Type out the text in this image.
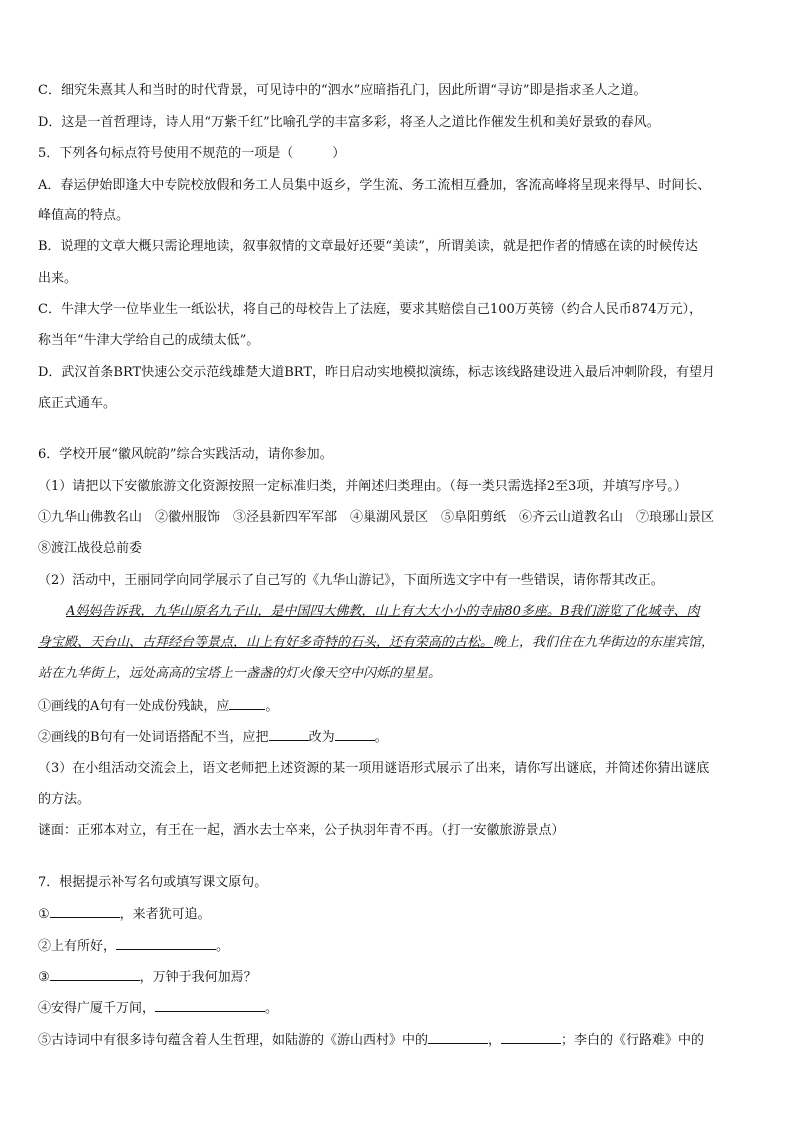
C．细究朱熹其人和当时的时代背景，可见诗中的“泗水”应暗指孔门，因此所谓“寻访”即是指求圣人之道。
D．这是一首哲理诗，诗人用“万紫千红”比喻孔学的丰富多彩，将圣人之道比作催发生机和美好景致的春风。
5．下列各句标点符号使用不规范的一项是（　　　）
A．春运伊始即逢大中专院校放假和务工人员集中返乡，学生流、务工流相互叠加，客流高峰将呈现来得早、时间长、
峰值高的特点。
B．说理的文章大概只需论理地读，叙事叙情的文章最好还要“美读”，所谓美读，就是把作者的情感在读的时候传达
出来。
C．牛津大学一位毕业生一纸讼状，将自己的母校告上了法庭，要求其赔偿自己100万英镑（约合人民币874万元），
称当年“牛津大学给自己的成绩太低”。
D．武汉首条BRT快速公交示范线雄楚大道BRT，昨日启动实地模拟演练，标志该线路建设进入最后冲刺阶段，有望月
底正式通车。
6．学校开展“徽风皖韵”综合实践活动，请你参加。
（1）请把以下安徽旅游文化资源按照一定标准归类，并阐述归类理由。（每一类只需选择2至3项，并填写序号。）
①九华山佛教名山　②徽州服饰　③泾县新四军军部　④巢湖风景区　⑤阜阳剪纸　⑥齐云山道教名山　⑦琅琊山景区
⑧渡江战役总前委
（2）活动中，王丽同学向同学展示了自己写的《九华山游记》，下面所选文字中有一些错误，请你帮其改正。
A妈妈告诉我，九华山原名九子山，是中国四大佛教，山上有大大小小的寺庙80多座。B我们游览了化城寺、肉
身宝殿、天台山、古拜经台等景点，山上有好多奇特的石头，还有荣高的古松。晚上，我们住在九华街边的东崖宾馆，
站在九华街上，远处高高的宝塔上一盏盏的灯火像天空中闪烁的星星。
①画线的A句有一处成份残缺，应	。
②画线的B句有一处词语搭配不当，应把	改为	。
（3）在小组活动交流会上，语文老师把上述资源的某一项用谜语形式展示了出来，请你写出谜底，并简述你猜出谜底
的方法。
谜面：正邪本对立，有王在一起，酒水去士卒来，公子执羽年青不再。（打一安徽旅游景点）
7．根据提示补写名句或填写课文原句。
①	，来者犹可追。
②上有所好，	。
③	，万钟于我何加焉？
④安得广厦千万间，	。
⑤古诗词中有很多诗句蕴含着人生哲理，如陆游的《游山西村》中的	，	；李白的《行路难》中的
